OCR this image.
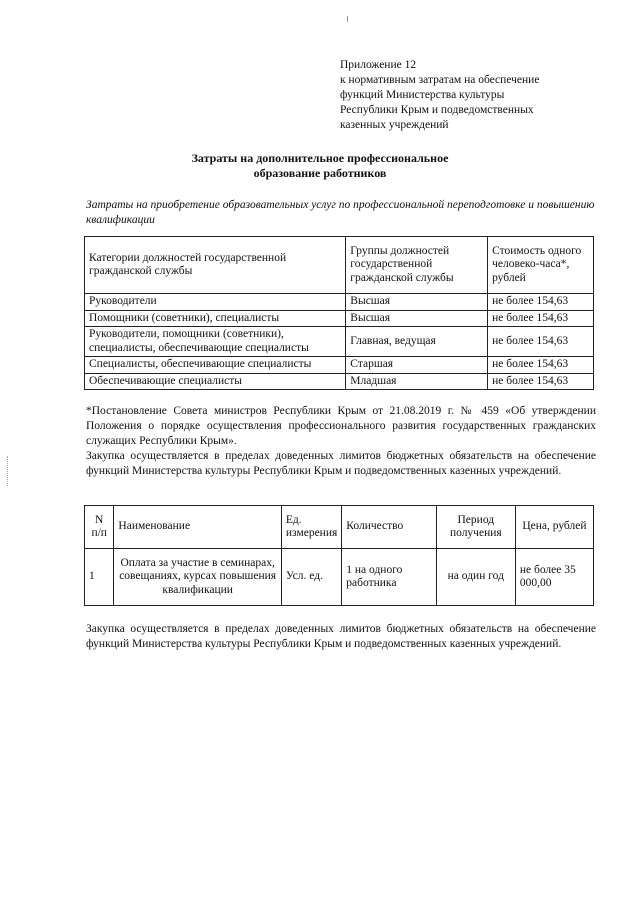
Приложение 12
к нормативным затратам на обеспечение
функций Министерства культуры
Республики Крым и подведомственных
казенных учреждений
Затраты на дополнительное профессиональное
образование работников
Затраты на приобретение образовательных услуг по профессиональной переподготовке и повышению квалификации
Категории должностей государственной гражданской службы	Группы должностей государственной гражданской службы	Стоимость одного человеко-часа*, рублей
Руководители	Высшая	не более 154,63
Помощники (советники), специалисты	Высшая	не более 154,63
Руководители, помощники (советники), специалисты, обеспечивающие специалисты	Главная, ведущая	не более 154,63
Специалисты, обеспечивающие специалисты	Старшая	не более 154,63
Обеспечивающие специалисты	Младшая	не более 154,63

*Постановление Совета министров Республики Крым от 21.08.2019 г. № 459 «Об утверждении Положения о порядке осуществления профессионального развития государственных гражданских служащих Республики Крым».

Закупка осуществляется в пределах доведенных лимитов бюджетных обязательств на обеспечение функций Министерства культуры Республики Крым и подведомственных казенных учреждений.

N п/п	Наименование	Ед. измерения	Количество	Период получения	Цена, рублей
1	Оплата за участие в семинарах, совещаниях, курсах повышения квалификации	Усл. ед.	1 на одного работника	на один год	не более 35 000,00
Закупка осуществляется в пределах доведенных лимитов бюджетных обязательств на обеспечение функций Министерства культуры Республики Крым и подведомственных казенных учреждений.
